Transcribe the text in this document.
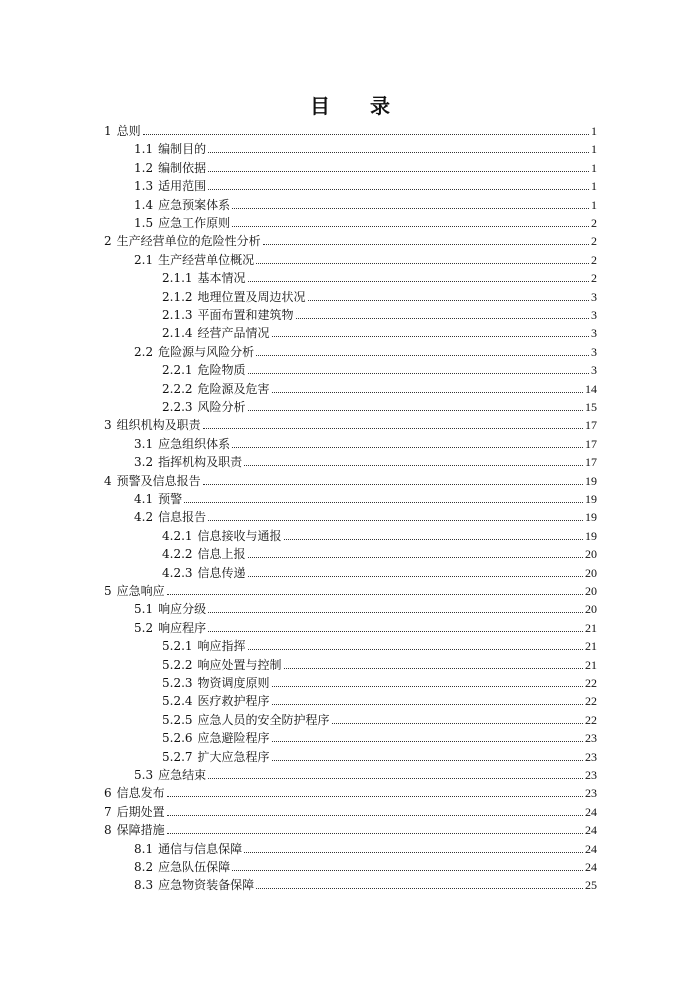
目 录
1 总则	1
1.1 编制目的	1
1.2 编制依据	1
1.3 适用范围	1
1.4 应急预案体系	1
1.5 应急工作原则	2
2 生产经营单位的危险性分析	2
2.1 生产经营单位概况	2
2.1.1 基本情况	2
2.1.2 地理位置及周边状况	3
2.1.3 平面布置和建筑物	3
2.1.4 经营产品情况	3
2.2 危险源与风险分析	3
2.2.1 危险物质	3
2.2.2 危险源及危害	14
2.2.3 风险分析	15
3 组织机构及职责	17
3.1 应急组织体系	17
3.2 指挥机构及职责	17
4 预警及信息报告	19
4.1 预警	19
4.2 信息报告	19
4.2.1 信息接收与通报	19
4.2.2 信息上报	20
4.2.3 信息传递	20
5 应急响应	20
5.1 响应分级	20
5.2 响应程序	21
5.2.1 响应指挥	21
5.2.2 响应处置与控制	21
5.2.3 物资调度原则	22
5.2.4 医疗救护程序	22
5.2.5 应急人员的安全防护程序	22
5.2.6 应急避险程序	23
5.2.7 扩大应急程序	23
5.3 应急结束	23
6 信息发布	23
7 后期处置	24
8 保障措施	24
8.1 通信与信息保障	24
8.2 应急队伍保障	24
8.3 应急物资装备保障	25
